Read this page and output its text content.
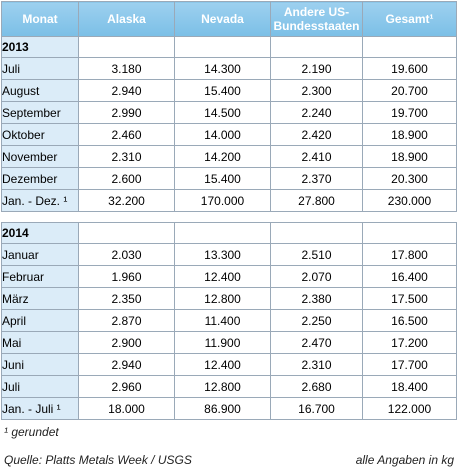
Monat	Alaska	Nevada	Andere US-Bundesstaaten	Gesamt¹
2013				
Juli	3.180	14.300	2.190	19.600
August	2.940	15.400	2.300	20.700
September	2.990	14.500	2.240	19.700
Oktober	2.460	14.000	2.420	18.900
November	2.310	14.200	2.410	18.900
Dezember	2.600	15.400	2.370	20.300
Jan. - Dez. ¹	32.200	170.000	27.800	230.000

2014				
Januar	2.030	13.300	2.510	17.800
Februar	1.960	12.400	2.070	16.400
März	2.350	12.800	2.380	17.500
April	2.870	11.400	2.250	16.500
Mai	2.900	11.900	2.470	17.200
Juni	2.940	12.400	2.310	17.700
Juli	2.960	12.800	2.680	18.400
Jan. - Juli ¹	18.000	86.900	16.700	122.000
¹ gerundet
Quelle: Platts Metals Week / USGS	alle Angaben in kg
